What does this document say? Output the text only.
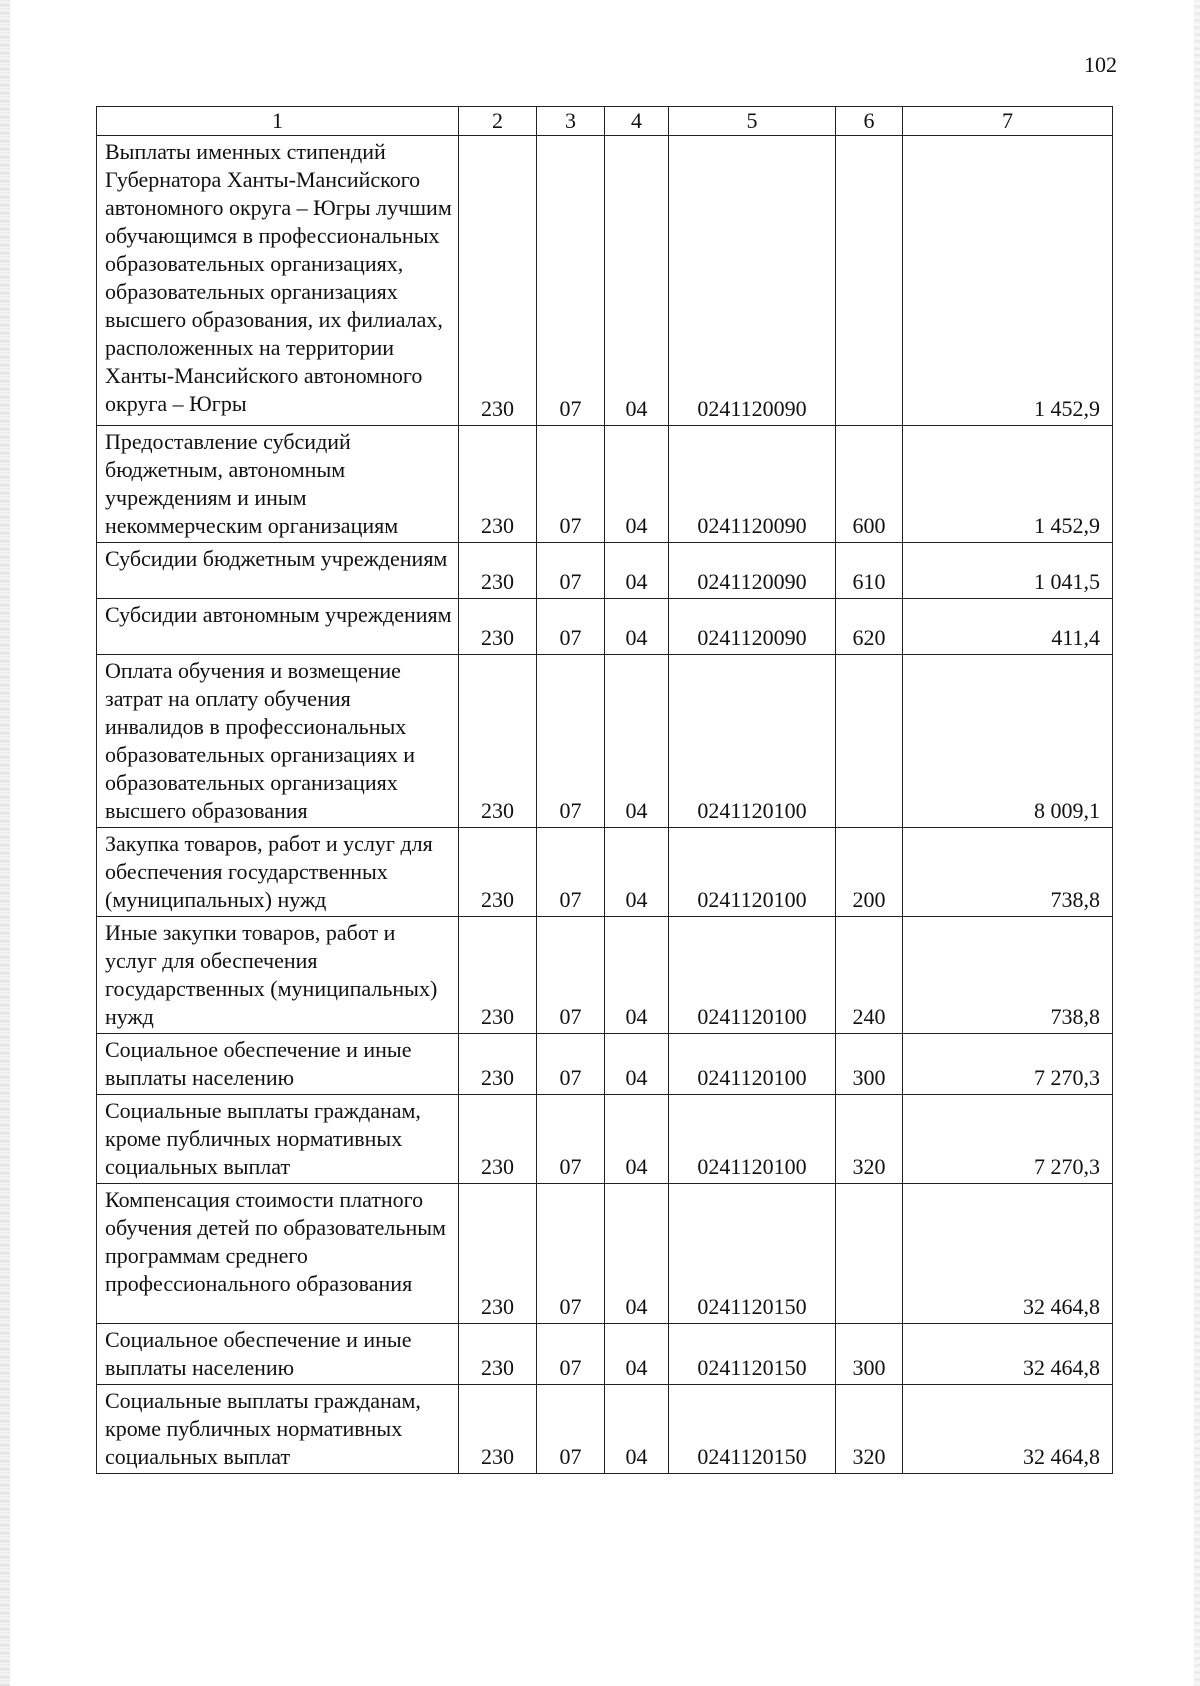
102
1	2	3	4	5	6	7
Выплаты именных стипендий Губернатора Ханты-Мансийского автономного округа – Югры лучшим обучающимся в профессиональных образовательных организациях, образовательных организациях высшего образования, их филиалах, расположенных на территории Ханты-Мансийского автономного округа – Югры	230	07	04	0241120090		1 452,9
Предоставление субсидий бюджетным, автономным учреждениям и иным некоммерческим организациям	230	07	04	0241120090	600	1 452,9
Субсидии бюджетным учреждениям	230	07	04	0241120090	610	1 041,5
Субсидии автономным учреждениям	230	07	04	0241120090	620	411,4
Оплата обучения и возмещение затрат на оплату обучения инвалидов в профессиональных образовательных организациях и образовательных организациях высшего образования	230	07	04	0241120100		8 009,1
Закупка товаров, работ и услуг для обеспечения государственных (муниципальных) нужд	230	07	04	0241120100	200	738,8
Иные закупки товаров, работ и услуг для обеспечения государственных (муниципальных) нужд	230	07	04	0241120100	240	738,8
Социальное обеспечение и иные выплаты населению	230	07	04	0241120100	300	7 270,3
Социальные выплаты гражданам, кроме публичных нормативных социальных выплат	230	07	04	0241120100	320	7 270,3
Компенсация стоимости платного обучения детей по образовательным программам среднего профессионального образования	230	07	04	0241120150		32 464,8
Социальное обеспечение и иные выплаты населению	230	07	04	0241120150	300	32 464,8
Социальные выплаты гражданам, кроме публичных нормативных социальных выплат	230	07	04	0241120150	320	32 464,8
